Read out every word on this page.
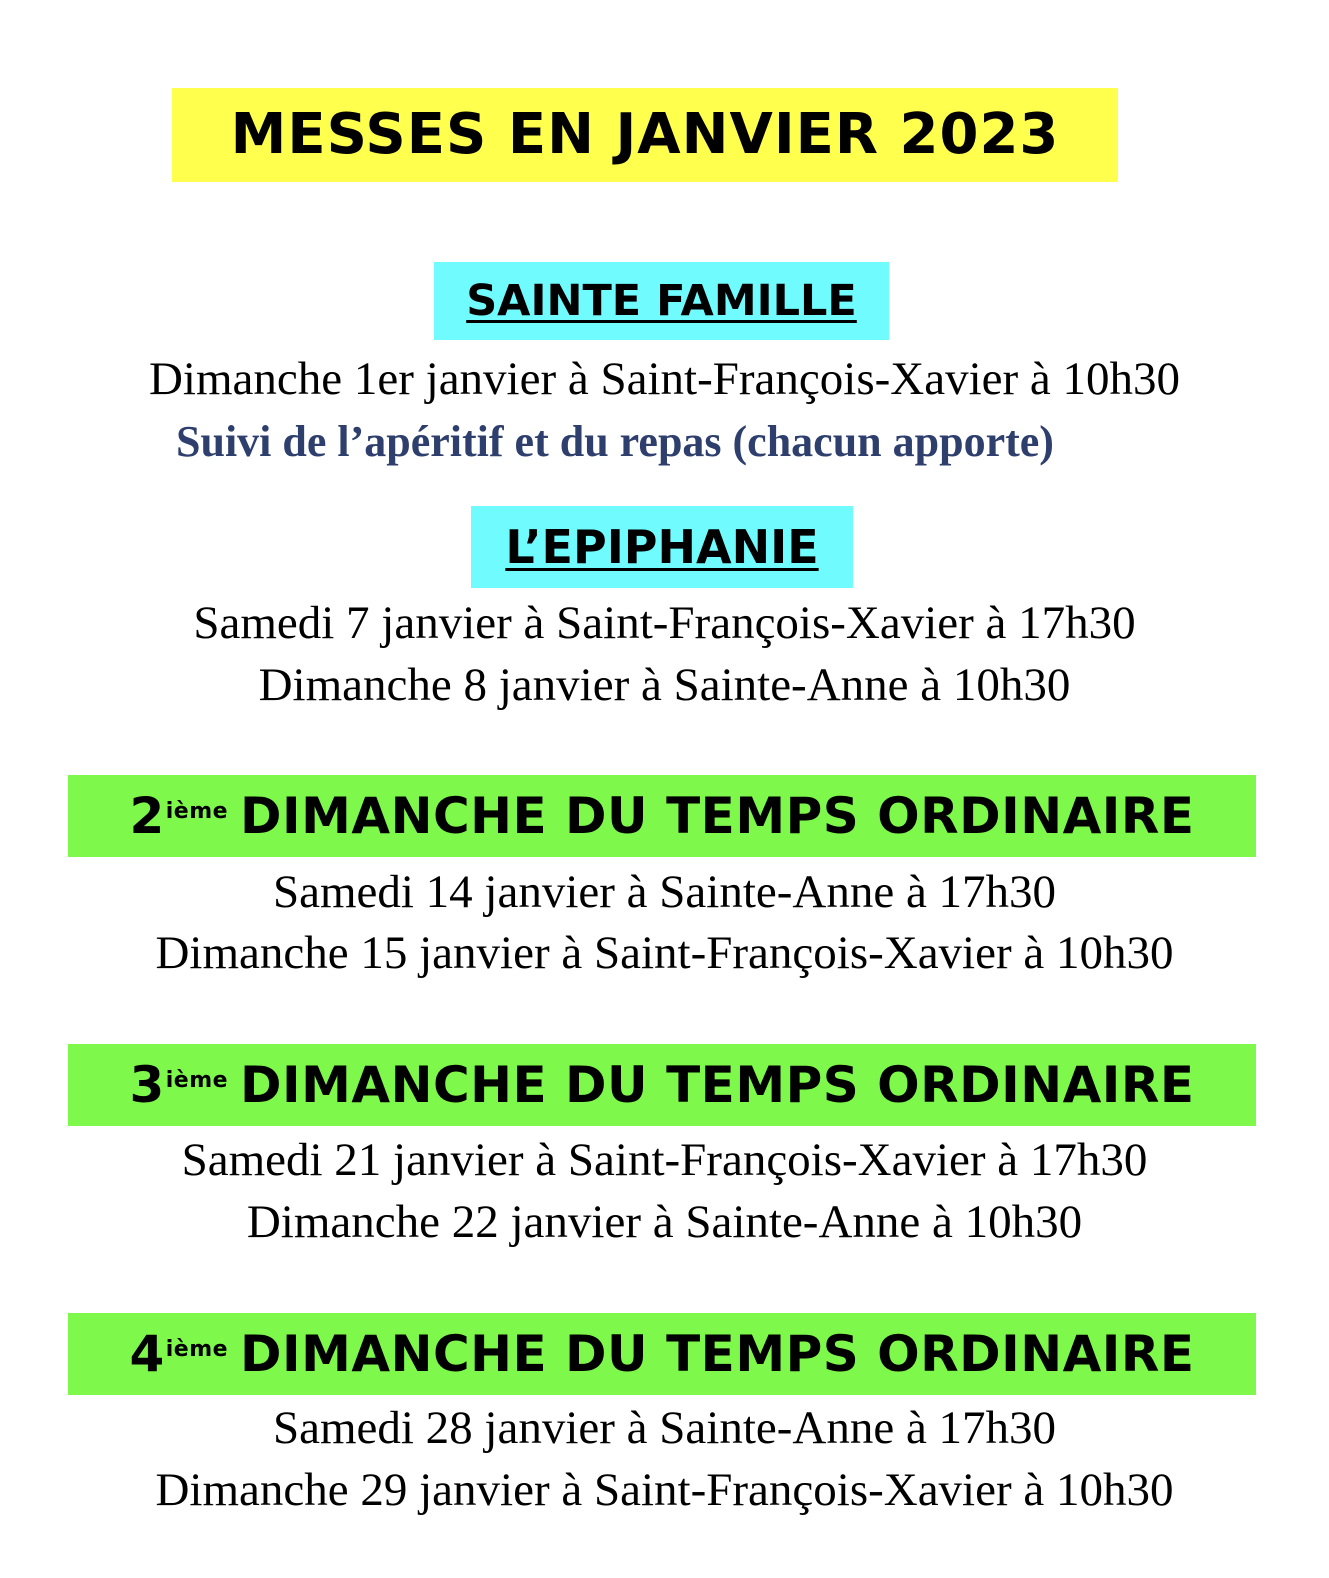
MESSES EN JANVIER 2023
SAINTE FAMILLE
Dimanche 1er janvier à Saint-François-Xavier à 10h30
Suivi de l’apéritif et du repas (chacun apporte)
L’EPIPHANIE
Samedi 7 janvier à Saint-François-Xavier à 17h30
Dimanche 8 janvier à Sainte-Anne à 10h30
2ième DIMANCHE DU TEMPS ORDINAIRE
Samedi 14 janvier à Sainte-Anne à 17h30
Dimanche 15 janvier à Saint-François-Xavier à 10h30
3ième DIMANCHE DU TEMPS ORDINAIRE
Samedi 21 janvier à Saint-François-Xavier à 17h30
Dimanche 22 janvier à Sainte-Anne à 10h30
4ième DIMANCHE DU TEMPS ORDINAIRE
Samedi 28 janvier à Sainte-Anne à 17h30
Dimanche 29 janvier à Saint-François-Xavier à 10h30
